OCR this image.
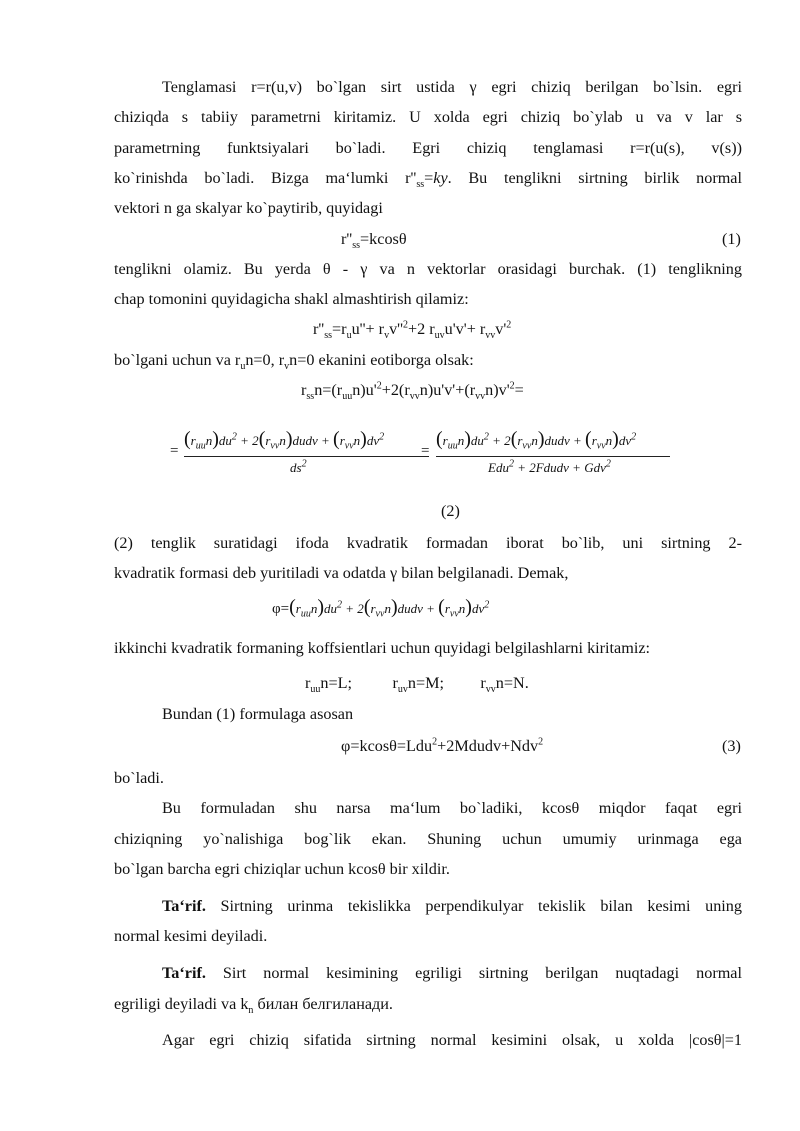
Tenglamasi r=r(u,v) bo`lgan sirt ustida γ egri chiziq berilgan bo`lsin. egri
chiziqda s tabiiy parametrni kiritamiz. U xolda egri chiziq bo`ylab u va v lar s
parametrning funktsiyalari bo`ladi. Egri chiziq tenglamasi r=r(u(s), v(s))
ko`rinishda bo`ladi. Bizga ma‘lumki $r''_{ss}=ky$. Bu tenglikni sirtning birlik normal
vektori n ga skalyar ko`paytirib, quyidagi
$r''_{ss}=kcos\theta$	(1)
tenglikni olamiz. Bu yerda θ - γ va n vektorlar orasidagi burchak. (1) tenglikning
chap tomonini quyidagicha shakl almashtirish qilamiz:
$r''_{ss}=r_uu''+ r_vv''^2+2$ $r_{uv}u'v'+ r_{vv}v'^2$
bo`lgani uchun va $r_un=0$, $r_vn=0$ ekanini eotiborga olsak:
$r_{ss}n=(r_{uu}n)u'^2+2(r_{vv}n)u'v'+(r_{vv}n)v'^2=$
=
$(r_{uu}n)du^2$ + $2(r_{vv}n)dudv + (r_{vv}n)dv^2$
$ds^2$
=
$(r_{uu}n)du^2$ + $2(r_{vv}n)dudv + (r_{vv}n)dv^2$
Edu$^2$ + 2Fdudv + Gdv$^2$
(2)
(2) tenglik suratidagi ifoda kvadratik formadan iborat bo`lib, uni sirtning 2-
kvadratik formasi deb yuritiladi va odatda γ bilan belgilanadi. Demak,
$\varphi=(r_{uu}n)du^2$ + $2(r_{vv}n)dudv + (r_{vv}n)dv^2$
ikkinchi kvadratik formaning koffsientlari uchun quyidagi belgilashlarni kiritamiz:
$r_{uu}n=L$;          $r_{uv}n=M$;         $r_{vv}n=N$.
Bundan (1) formulaga asosan
φ=kcosθ=Ldu$^2$+2Mdudv+Ndv$^2$	(3)
bo`ladi.
Bu formuladan shu narsa ma‘lum bo`ladiki, kcosθ miqdor faqat egri
chiziqning yo`nalishiga bog`lik ekan. Shuning uchun umumiy urinmaga ega
bo`lgan barcha egri chiziqlar uchun kcosθ bir xildir.
Ta‘rif. Sirtning urinma tekislikka perpendikulyar tekislik bilan kesimi uning
normal kesimi deyiladi.
Ta‘rif. Sirt normal kesimining egriligi sirtning berilgan nuqtadagi normal
egriligi deyiladi va $k_n$ билан белгиланади.
Agar egri chiziq sifatida sirtning normal kesimini olsak, u xolda |cosθ|=1
